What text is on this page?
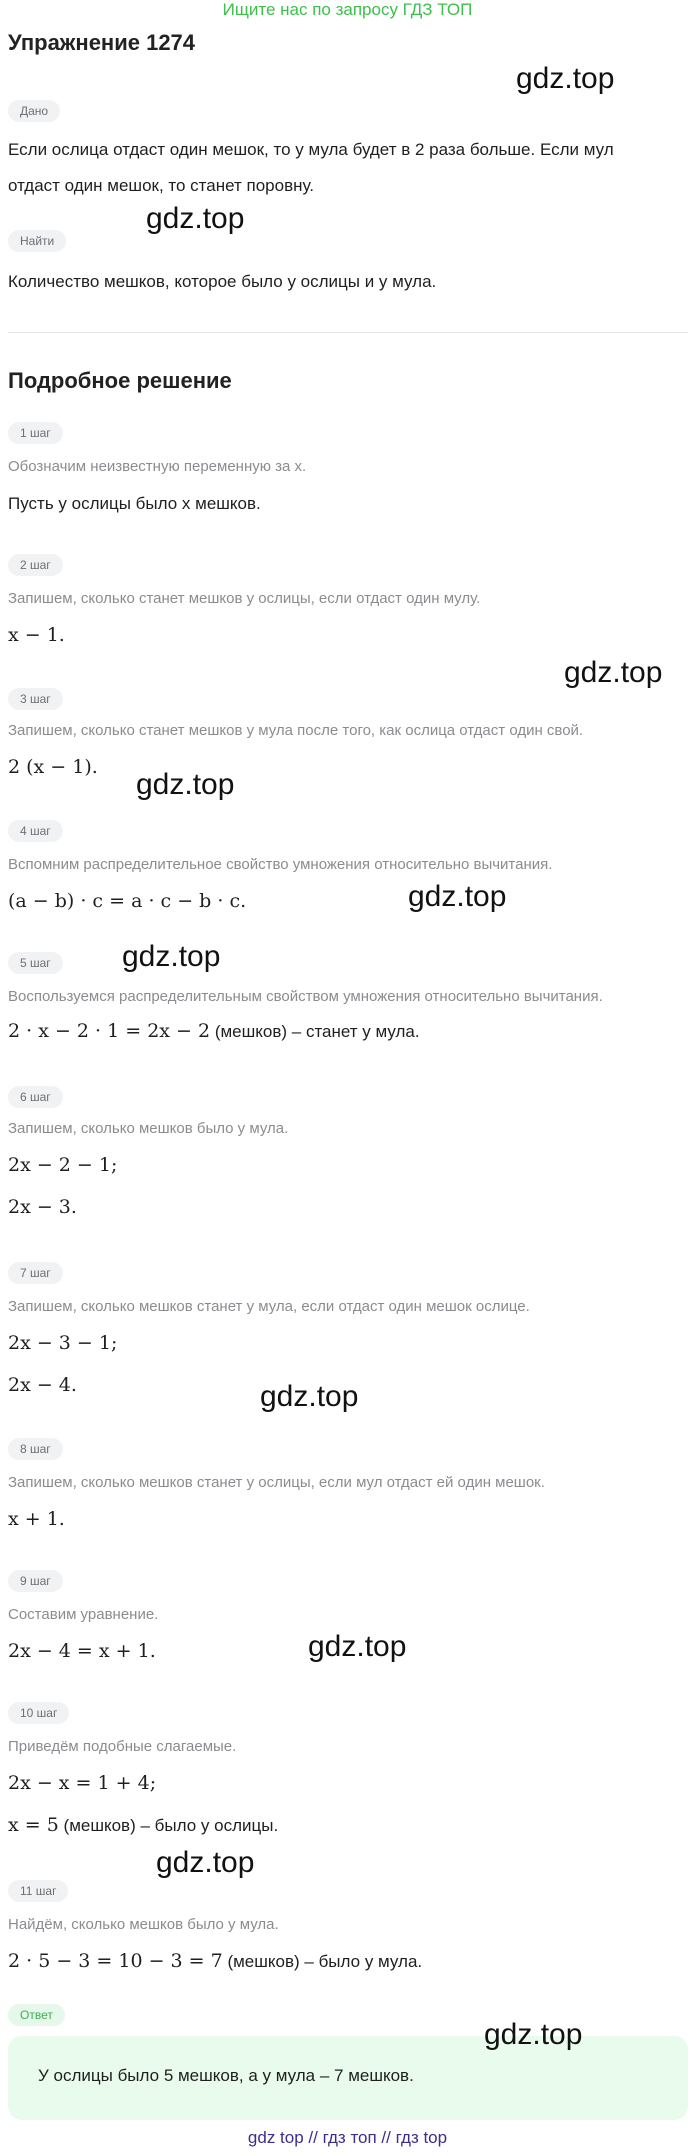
Ищите нас по запросу ГДЗ ТОП
Упражнение 1274
Дано
Если ослица отдаст один мешок, то у мула будет в 2 раза больше. Если мул
отдаст один мешок, то станет поровну.
Найти
Количество мешков, которое было у ослицы и у мула.
Подробное решение
1 шаг
Обозначим неизвестную переменную за x.
Пусть у ослицы было x мешков.
2 шаг
Запишем, сколько станет мешков у ослицы, если отдаст один мулу.
x − 1.
3 шаг
Запишем, сколько станет мешков у мула после того, как ослица отдаст один свой.
2 (x − 1).
4 шаг
Вспомним распределительное свойство умножения относительно вычитания.
(a − b) · c = a · c − b · c.
5 шаг
Воспользуемся распределительным свойством умножения относительно вычитания.
2 · x − 2 · 1 = 2x − 2 (мешков) – станет у мула.
6 шаг
Запишем, сколько мешков было у мула.
2x − 2 − 1;
2x − 3.
7 шаг
Запишем, сколько мешков станет у мула, если отдаст один мешок ослице.
2x − 3 − 1;
2x − 4.
8 шаг
Запишем, сколько мешков станет у ослицы, если мул отдаст ей один мешок.
x + 1.
9 шаг
Составим уравнение.
2x − 4 = x + 1.
10 шаг
Приведём подобные слагаемые.
2x − x = 1 + 4;
x = 5 (мешков) – было у ослицы.
11 шаг
Найдём, сколько мешков было у мула.
2 · 5 − 3 = 10 − 3 = 7 (мешков) – было у мула.
Ответ
У ослицы было 5 мешков, а у мула – 7 мешков.
gdz.top
gdz.top
gdz.top
gdz.top
gdz.top
gdz.top
gdz.top
gdz.top
gdz.top
gdz.top
gdz top // гдз топ // гдз top
